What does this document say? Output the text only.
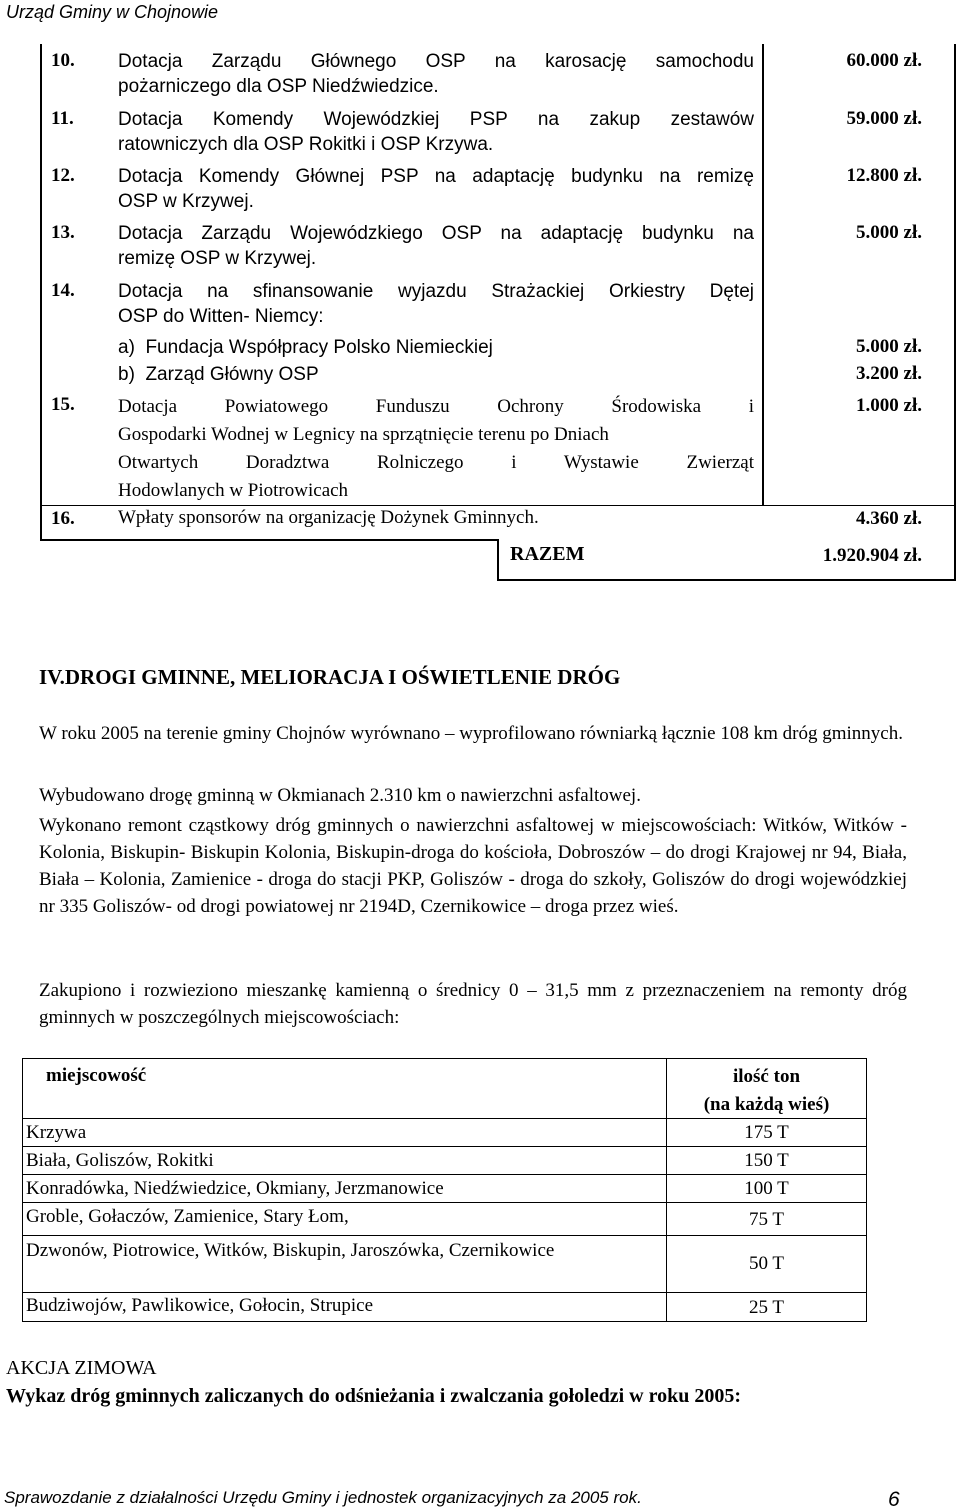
Urząd Gminy w Chojnowie
10. Dotacja Zarządu Głównego OSP na karosację samochodu
pożarniczego dla OSP Niedźwiedzice.
60.000 zł.
11. Dotacja Komendy Wojewódzkiej PSP na zakup zestawów
ratowniczych dla OSP Rokitki i OSP Krzywa.
59.000 zł.
12. Dotacja Komendy Głównej PSP na adaptację budynku na remizę
OSP w Krzywej.
12.800 zł.
13. Dotacja Zarządu Wojewódzkiego OSP na adaptację budynku na
remizę OSP w Krzywej.
5.000 zł.
14. Dotacja na sfinansowanie wyjazdu Strażackiej Orkiestry Dętej
OSP do Witten- Niemcy:
a)  Fundacja Współpracy Polsko Niemieckiej	5.000 zł.
b)  Zarząd Główny OSP	3.200 zł.
15. Dotacja Powiatowego Funduszu Ochrony Środowiska i
Gospodarki Wodnej w Legnicy na sprzątnięcie terenu po Dniach
Otwartych Doradztwa Rolniczego i Wystawie Zwierząt
Hodowlanych w Piotrowicach
1.000 zł.
16. Wpłaty sponsorów na organizację Dożynek Gminnych.	4.360 zł.
RAZEM	1.920.904 zł.
IV.DROGI GMINNE, MELIORACJA I OŚWIETLENIE DRÓG
W roku 2005 na terenie gminy Chojnów wyrównano – wyprofilowano równiarką łącznie 108 km dróg gminnych.
Wybudowano drogę gminną w Okmianach 2.310 km o nawierzchni asfaltowej.
Wykonano remont cząstkowy dróg gminnych o nawierzchni asfaltowej w miejscowościach: Witków, Witków - Kolonia, Biskupin- Biskupin Kolonia, Biskupin-droga do kościoła, Dobroszów – do drogi Krajowej nr 94, Biała, Biała – Kolonia, Zamienice - droga do stacji PKP, Goliszów - droga do szkoły, Goliszów do drogi wojewódzkiej nr 335 Goliszów- od drogi powiatowej nr 2194D, Czernikowice – droga przez wieś.
Zakupiono i rozwieziono mieszankę kamienną o średnicy 0 – 31,5 mm z przeznaczeniem na remonty dróg gminnych w poszczególnych miejscowościach:
miejscowość	ilość ton
(na każdą wieś)
Krzywa	175 T
Biała, Goliszów, Rokitki	150 T
Konradówka, Niedźwiedzice, Okmiany, Jerzmanowice	100 T
Groble, Gołaczów, Zamienice, Stary Łom,	75 T
Dzwonów, Piotrowice, Witków, Biskupin, Jaroszówka, Czernikowice
50 T
Budziwojów, Pawlikowice, Gołocin, Strupice	25 T
AKCJA ZIMOWA
Wykaz dróg gminnych zaliczanych do odśnieżania i zwalczania gołoledzi w roku 2005:
Sprawozdanie z działalności Urzędu Gminy i jednostek organizacyjnych za 2005 rok.	6
